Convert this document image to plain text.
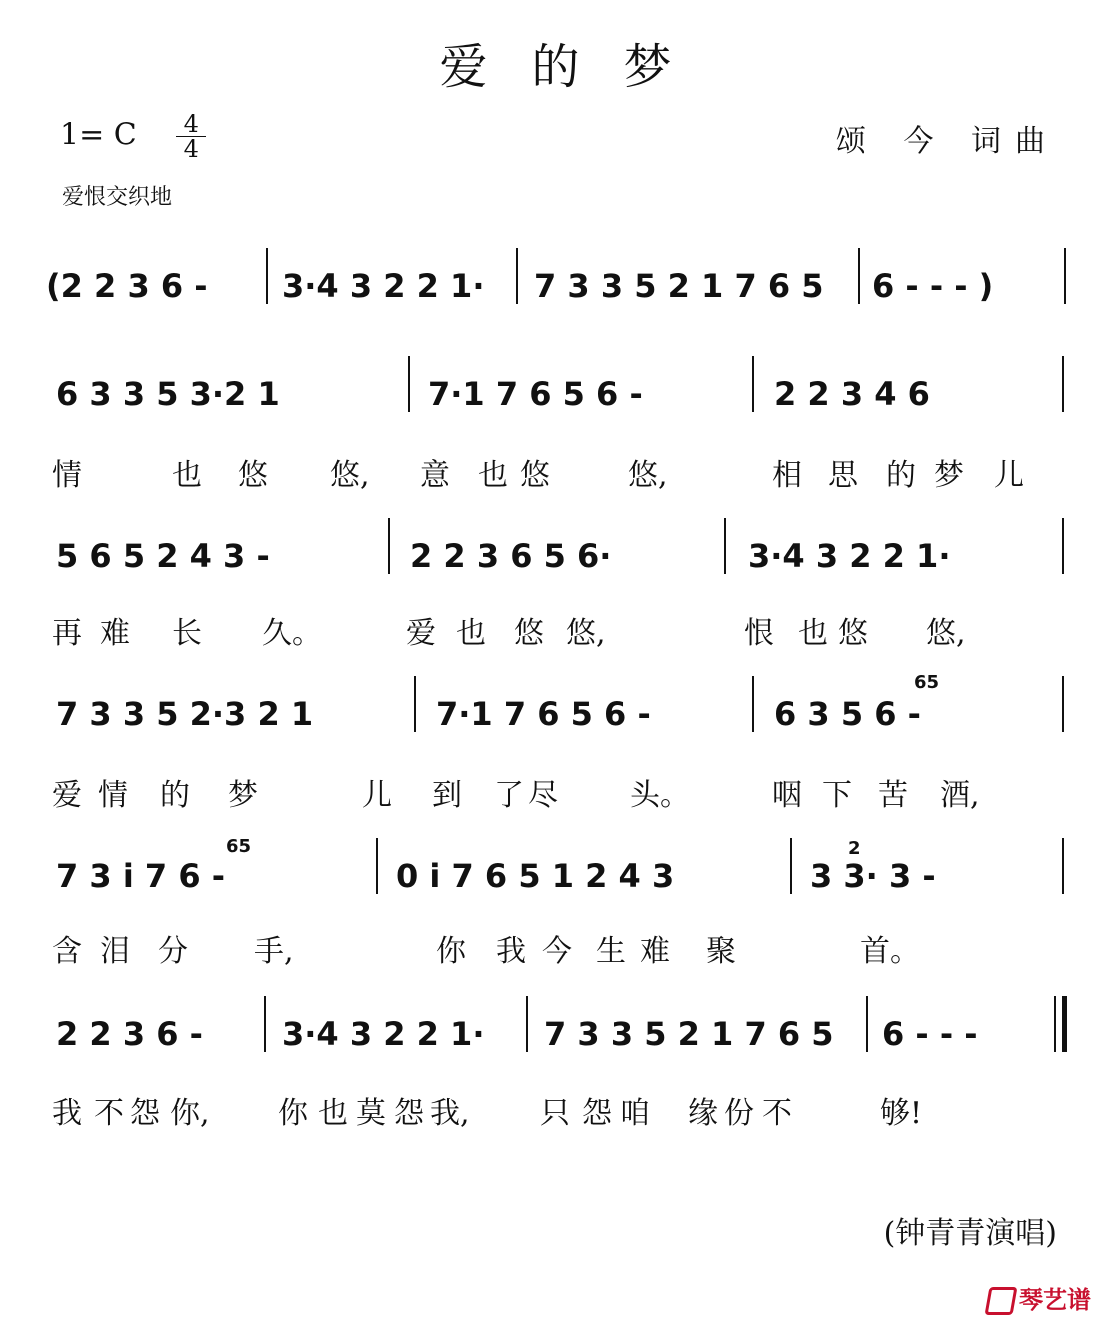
爱的梦
1= C $\frac{4}{4}$	颂 今 词曲
爱恨交织地
(2 2 3 6 - 3·4 3 2 2 1· 7 3 3 5 2 1 7 6 5 6 - - - )
6 3 3 5 3·2 1	7·1 7 6 5 6 -	2 2 3 4 6
情	也 悠 悠, 意 也 悠	悠,	相 思 的 梦 儿
5 6 5 2 4 3 -	2 2 3 6 5 6·	3·4 3 2 2 1·
再 难 长 久。	爱 也 悠 悠,	恨 也 悠 悠,
7 3 3 5 2·3 2 1	7·1 7 6 5 6 -	6 3 5 6 -
65
爱 情 的 梦	儿 到 了 尽 头。	咽 下 苦 酒,
7 3 i 7 6 -
65
0 i 7 6 5 1 2 4 3	3 3· 3 -
2
含 泪 分 手,	你 我 今 生 难 聚	首。
2 2 3 6 - 3·4 3 2 2 1· 7 3 3 5 2 1 7 6 5 6 - - -
我 不 怨 你, 你 也 莫 怨 我, 只 怨 咱 缘 份 不	够!
(钟青青演唱)
琴艺谱
